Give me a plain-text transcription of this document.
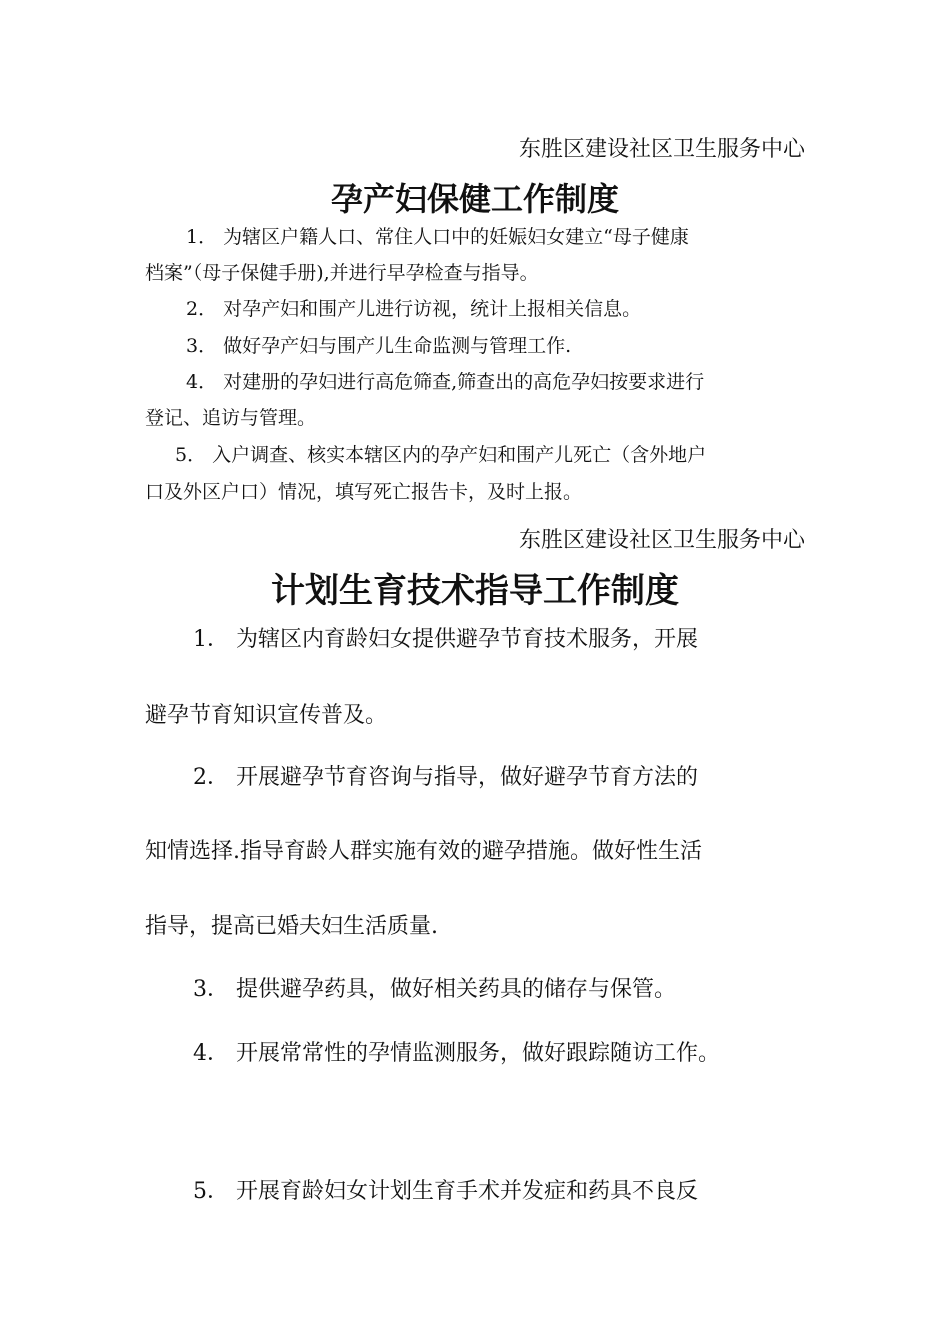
东胜区建设社区卫生服务中心
孕产妇保健工作制度
1． 为辖区户籍人口、常住人口中的妊娠妇女建立“母子健康
档案”（母子保健手册),并进行早孕检查与指导。
2． 对孕产妇和围产儿进行访视，统计上报相关信息。
3． 做好孕产妇与围产儿生命监测与管理工作.
4． 对建册的孕妇进行高危筛查,筛查出的高危孕妇按要求进行
登记、追访与管理。
5． 入户调查、核实本辖区内的孕产妇和围产儿死亡（含外地户
口及外区户口）情况，填写死亡报告卡，及时上报。
东胜区建设社区卫生服务中心
计划生育技术指导工作制度
1． 为辖区内育龄妇女提供避孕节育技术服务，开展
避孕节育知识宣传普及。
2． 开展避孕节育咨询与指导，做好避孕节育方法的
知情选择.指导育龄人群实施有效的避孕措施。做好性生活
指导，提高已婚夫妇生活质量.
3． 提供避孕药具，做好相关药具的储存与保管。
4． 开展常常性的孕情监测服务，做好跟踪随访工作。
5． 开展育龄妇女计划生育手术并发症和药具不良反
